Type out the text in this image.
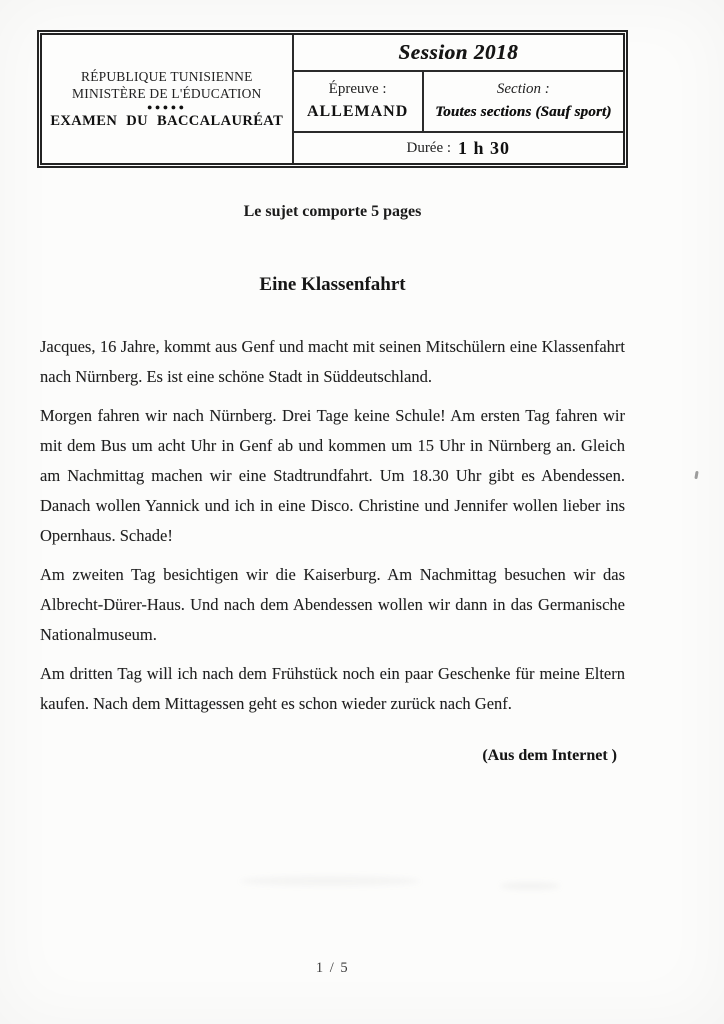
RÉPUBLIQUE TUNISIENNE
MINISTÈRE DE L'ÉDUCATION
●●●●●
EXAMEN DU BACCALAURÉAT
Session 2018
Épreuve :
ALLEMAND
Section :
Toutes sections (Sauf sport)
Durée : 1 h 30
Le sujet comporte 5 pages
Eine Klassenfahrt

Jacques, 16 Jahre, kommt aus Genf und macht mit seinen Mitschülern eine Klassenfahrt nach Nürnberg. Es ist eine schöne Stadt in Süddeutschland.

Morgen fahren wir nach Nürnberg. Drei Tage keine Schule! Am ersten Tag fahren wir mit dem Bus um acht Uhr in Genf ab und kommen um 15 Uhr in Nürnberg an. Gleich am Nachmittag machen wir eine Stadtrundfahrt. Um 18.30 Uhr gibt es Abendessen. Danach wollen Yannick und ich in eine Disco. Christine und Jennifer wollen lieber ins Opernhaus. Schade!

Am zweiten Tag besichtigen wir die Kaiserburg. Am Nachmittag besuchen wir das Albrecht-Dürer-Haus. Und nach dem Abendessen wollen wir dann in das Germanische Nationalmuseum.

Am dritten Tag will ich nach dem Frühstück noch ein paar Geschenke für meine Eltern kaufen. Nach dem Mittagessen geht es schon wieder zurück nach Genf.

(Aus dem Internet )
1 / 5
